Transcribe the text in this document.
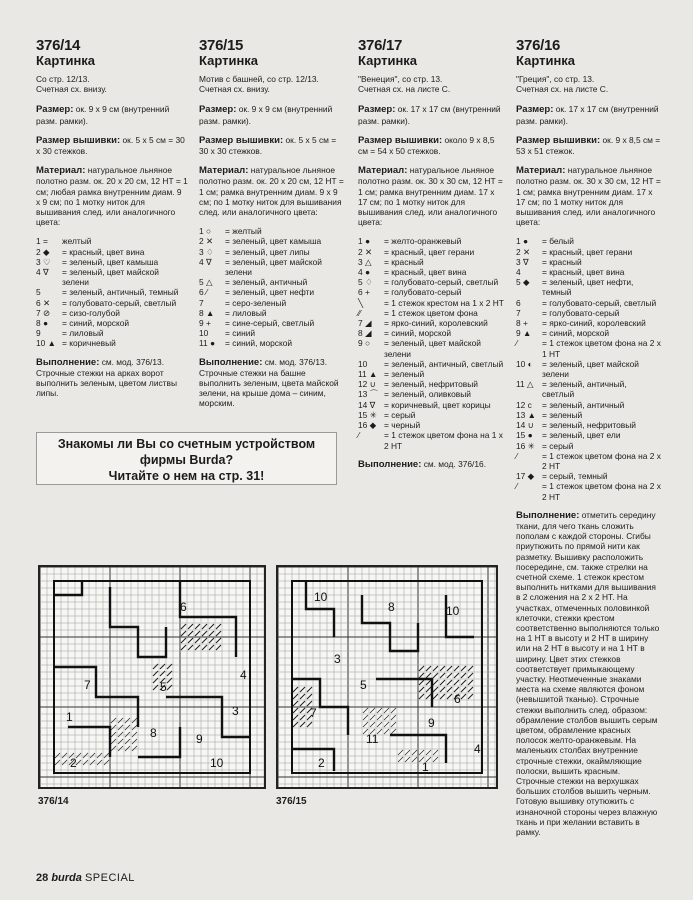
376/14
Картинка
Со стр. 12/13.
Счетная сх. внизу.
Размер: ок. 9 х 9 см (внутренний разм. рамки).
Размер вышивки: ок. 5 х 5 см = 30 х 30 стежков.
Материал: натуральное льняное полотно разм. ок. 20 х 20 см, 12 НТ = 1 см; любая рамка внутренним диам. 9 х 9 см; по 1 мотку ниток для вышивания след. или аналогичного цвета:
1 =	желтый
2 ◆	= красный, цвет вина
3 ♡	= зеленый, цвет камыша
4 ∇	= зеленый, цвет майской зелени
5	= зеленый, античный, темный
6 ✕	= голубовато-серый, светлый
7 ⊘	= сизо-голубой
8 ●	= синий, морской
9	= лиловый
10 ▲ = коричневый
Выполнение: см. мод. 376/13. Строчные стежки на арках ворот выполнить зеленым, цветом листвы липы.
376/15
Картинка
Мотив с башней, со стр. 12/13.
Счетная сх. внизу.
Размер: ок. 9 х 9 см (внутренний разм. рамки).
Размер вышивки: ок. 5 х 5 см = 30 х 30 стежков.
Материал: натуральное льняное полотно разм. ок. 20 х 20 см, 12 НТ = 1 см; рамка внутренним диам. 9 х 9 см; по 1 мотку ниток для вышивания след. или аналогичного цвета:
1 ○	= желтый
2 ✕	= зеленый, цвет камыша
3 ♢	= зеленый, цвет липы
4 ∇	= зеленый, цвет майской зелени
5 △	= зеленый, античный
6 ⁄	= зеленый, цвет нефти
7	= серо-зеленый
8 ▲	= лиловый
9 +	= сине-серый, светлый
10	= синий
11 ●	= синий, морской
Выполнение: см. мод. 376/13. Строчные стежки на башне выполнить зеленым, цвета майской зелени, на крыше дома – синим, морским.
376/17
Картинка
"Венеция", со стр. 13.
Счетная сх. на листе С.
Размер: ок. 17 х 17 см (внутренний разм. рамки).
Размер вышивки: около 9 х 8,5 см = 54 х 50 стежков.
Материал: натуральное льняное полотно разм. ок. 30 х 30 см, 12 НТ = 1 см; рамка внутренним диам. 17 х 17 см; по 1 мотку ниток для вышивания след. или аналогичного цвета:
1 ●	= желто-оранжевый
2 ✕	= красный, цвет герани
3 △	= красный
4 ●	= красный, цвет вина
5 ♢	= голубовато-серый, светлый
6 +	= голубовато-серый
╲	= 1 стежок крестом на 1 х 2 НТ
⁄⁄	= 1 стежок цветом фона
7 ◢	= ярко-синий, королевский
8 ◢	= синий, морской
9 ○	= зеленый, цвет майской зелени
10	= зеленый, античный, светлый
11 ▲ = зеленый
12 ∪ = зеленый, нефритовый
13 ⌒ = зеленый, оливковый
14 ∇	= коричневый, цвет корицы
15 ✳ = серый
16 ◆ = черный
⁄	= 1 стежок цветом фона на 1 х 2 НТ
Выполнение: см. мод. 376/16.
376/16
Картинка
"Греция", со стр. 13.
Счетная сх. на листе С.
Размер: ок. 17 х 17 см (внутренний разм. рамки).
Размер вышивки: ок. 9 х 8,5 см = 53 х 51 стежок.
Материал: натуральное льняное полотно разм. ок. 30 х 30 см, 12 НТ = 1 см; рамка внутренним диам. 17 х 17 см; по 1 мотку ниток для вышивания след. или аналогичного цвета:
1 ●	= белый
2 ✕	= красный, цвет герани
3 ∇	= красный
4	= красный, цвет вина
5 ◆	= зеленый, цвет нефти, темный
6	= голубовато-серый, светлый
7	= голубовато-серый
8 +	= ярко-синий, королевский
9 ▲	= синий, морской
⁄	= 1 стежок цветом фона на 2 х 1 НТ
10 ◐	= зеленый, цвет майской зелени
11 △	= зеленый, античный, светлый
12 c	= зеленый, античный
13 ▲ = зеленый
14 ∪ = зеленый, нефритовый
15 ●	= зеленый, цвет ели
16 ✳ = серый
⁄	= 1 стежок цветом фона на 2 х 2 НТ
17 ◆ = серый, темный
⁄	= 1 стежок цветом фона на 2 х 2 НТ
Выполнение: отметить середину ткани, для чего ткань сложить пополам с каждой стороны. Сгибы приутюжить по прямой нити как разметку. Вышивку расположить посередине, см. также стрелки на счетной схеме. 1 стежок крестом выполнить нитками для вышивания в 2 сложения на 2 х 2 НТ. На участках, отмеченных половинкой клеточки, стежки крестом соответственно выполняются только на 1 НТ в высоту и 2 НТ в ширину или на 2 НТ в высоту и на 1 НТ в ширину. Цвет этих стежков соответствует примыкающему участку. Неотмеченные знаками места на схеме являются фоном (невышитой тканью). Строчные стежки выполнить след. образом: обрамление столбов вышить серым цветом, обрамление красных полосок желто-оранжевым. На маленьких столбах внутренние строчные стежки, окаймляющие полоски, вышить красным. Строчные стежки на верхушках больших столбов вышить черным. Готовую вышивку отутюжить с изнаночной стороны через влажную ткань и при желании вставить в рамку.
Знакомы ли Вы со счетным устройством
фирмы Burda?
Читайте о нем на стр. 31!
6
4
5
7
3
8	9
1
2	10
376/14
10
8	10
3
5
9
6
7
11
2	1
4
376/15
28 burda SPECIAL
